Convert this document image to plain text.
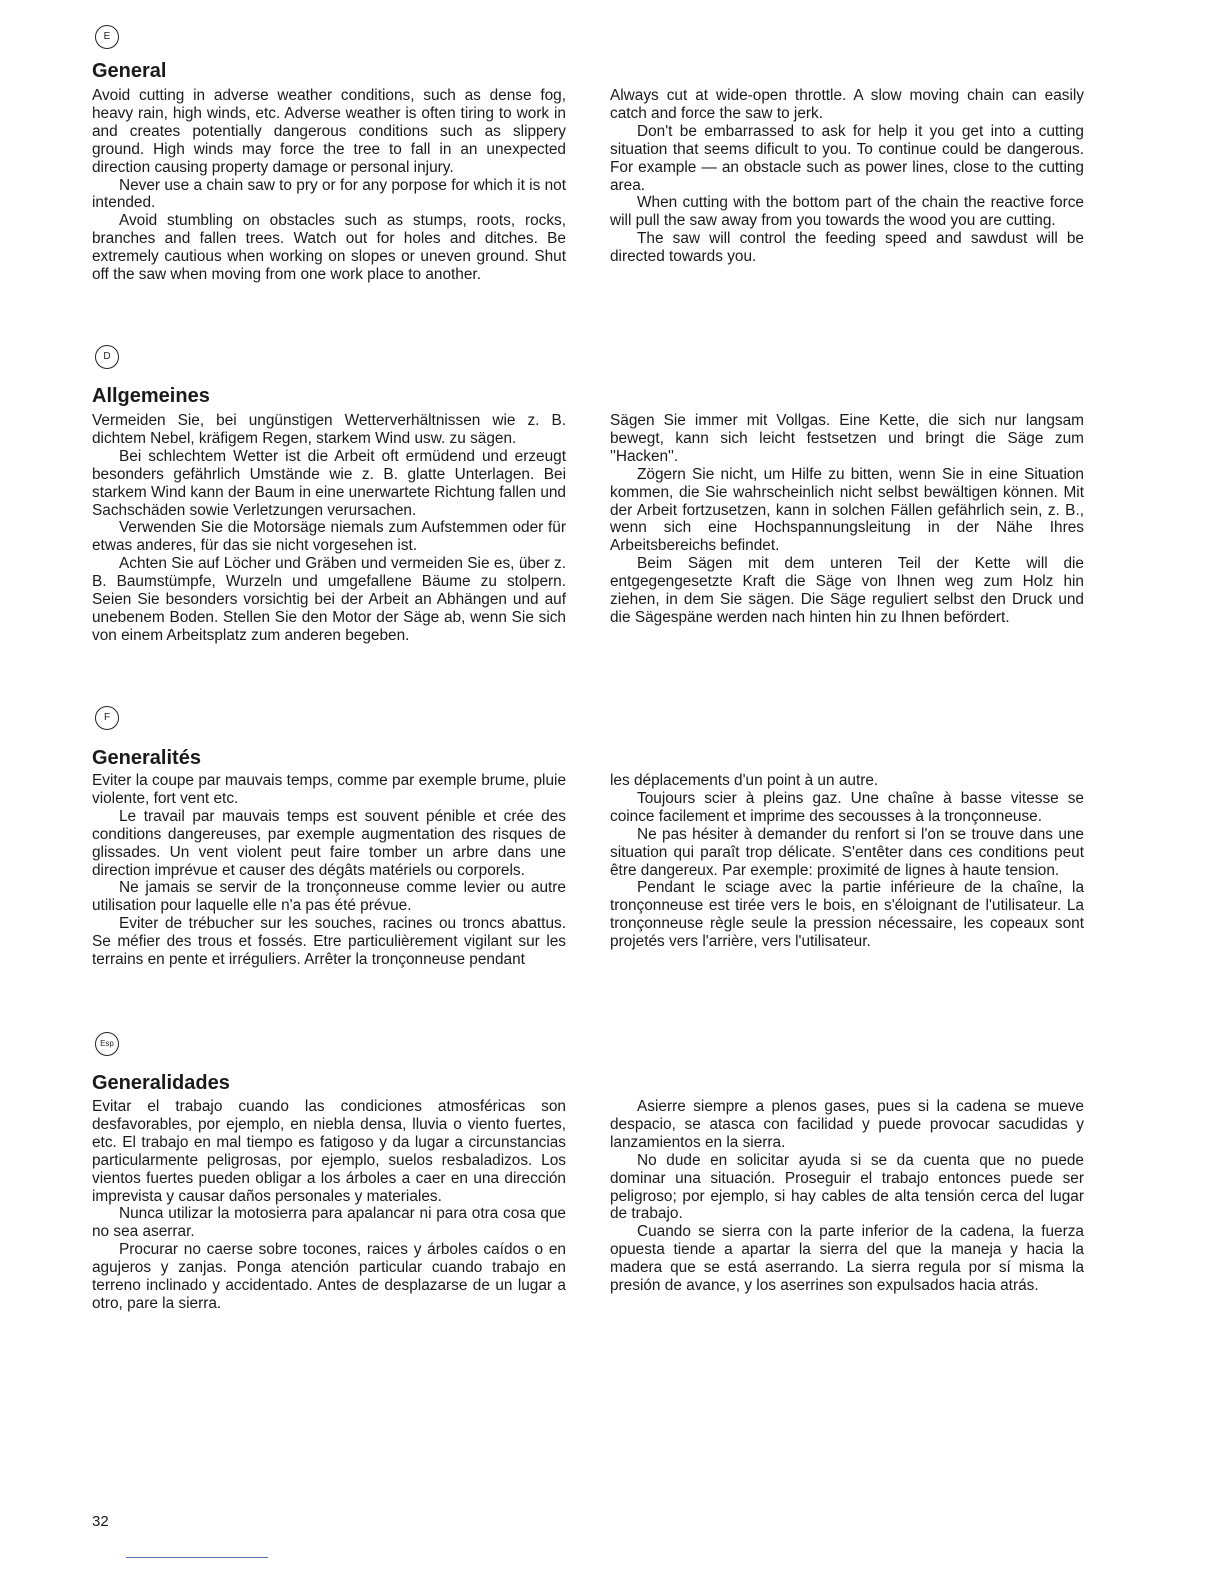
E
General

Avoid cutting in adverse weather conditions, such as dense fog, heavy rain, high winds, etc. Adverse weather is often tiring to work in and creates potentially dangerous conditions such as slippery ground. High winds may force the tree to fall in an unexpected direction causing property damage or personal injury.

Never use a chain saw to pry or for any porpose for which it is not intended.

Avoid stumbling on obstacles such as stumps, roots, rocks, branches and fallen trees. Watch out for holes and ditches. Be extremely cautious when working on slopes or uneven ground. Shut off the saw when moving from one work place to another.

Always cut at wide-open throttle. A slow moving chain can easily catch and force the saw to jerk.

Don't be embarrassed to ask for help it you get into a cutting situation that seems dificult to you. To continue could be dangerous. For example — an obstacle such as power lines, close to the cutting area.

When cutting with the bottom part of the chain the reactive force will pull the saw away from you towards the wood you are cutting.

The saw will control the feeding speed and sawdust will be directed towards you.

D
Allgemeines

Vermeiden Sie, bei ungünstigen Wetterverhältnissen wie z. B. dichtem Nebel, kräfigem Regen, starkem Wind usw. zu sägen.

Bei schlechtem Wetter ist die Arbeit oft ermüdend und erzeugt besonders gefährlich Umstände wie z. B. glatte Unterlagen. Bei starkem Wind kann der Baum in eine unerwartete Richtung fallen und Sachschäden sowie Verletzungen verursachen.

Verwenden Sie die Motorsäge niemals zum Aufstemmen oder für etwas anderes, für das sie nicht vorgesehen ist.

Achten Sie auf Löcher und Gräben und vermeiden Sie es, über z. B. Baumstümpfe, Wurzeln und umgefallene Bäume zu stolpern. Seien Sie besonders vorsichtig bei der Arbeit an Abhängen und auf unebenem Boden. Stellen Sie den Motor der Säge ab, wenn Sie sich von einem Arbeitsplatz zum anderen begeben.

Sägen Sie immer mit Vollgas. Eine Kette, die sich nur langsam bewegt, kann sich leicht festsetzen und bringt die Säge zum ''Hacken''.

Zögern Sie nicht, um Hilfe zu bitten, wenn Sie in eine Situation kommen, die Sie wahrscheinlich nicht selbst bewältigen können. Mit der Arbeit fortzusetzen, kann in solchen Fällen gefährlich sein, z. B., wenn sich eine Hochspannungsleitung in der Nähe Ihres Arbeitsbereichs befindet.

Beim Sägen mit dem unteren Teil der Kette will die entgegengesetzte Kraft die Säge von Ihnen weg zum Holz hin ziehen, in dem Sie sägen. Die Säge reguliert selbst den Druck und die Sägespäne werden nach hinten hin zu Ihnen befördert.

F
Generalités

Eviter la coupe par mauvais temps, comme par exemple brume, pluie violente, fort vent etc.

Le travail par mauvais temps est souvent pénible et crée des conditions dangereuses, par exemple augmentation des risques de glissades. Un vent violent peut faire tomber un arbre dans une direction imprévue et causer des dégâts matériels ou corporels.

Ne jamais se servir de la tronçonneuse comme levier ou autre utilisation pour laquelle elle n'a pas été prévue.

Eviter de trébucher sur les souches, racines ou troncs abattus. Se méfier des trous et fossés. Etre particulièrement vigilant sur les terrains en pente et irréguliers. Arrêter la tronçonneuse pendant

les déplacements d'un point à un autre.

Toujours scier à pleins gaz. Une chaîne à basse vitesse se coince facilement et imprime des secousses à la tronçonneuse.

Ne pas hésiter à demander du renfort si l'on se trouve dans une situation qui paraît trop délicate. S'entêter dans ces conditions peut être dangereux. Par exemple: proximité de lignes à haute tension.

Pendant le sciage avec la partie inférieure de la chaîne, la tronçonneuse est tirée vers le bois, en s'éloignant de l'utilisateur. La tronçonneuse règle seule la pression nécessaire, les copeaux sont projetés vers l'arrière, vers l'utilisateur.

Esp
Generalidades

Evitar el trabajo cuando las condiciones atmosféricas son desfavorables, por ejemplo, en niebla densa, lluvia o viento fuertes, etc. El trabajo en mal tiempo es fatigoso y da lugar a circunstancias particularmente peligrosas, por ejemplo, suelos resbaladizos. Los vientos fuertes pueden obligar a los árboles a caer en una dirección imprevista y causar daños personales y materiales.

Nunca utilizar la motosierra para apalancar ni para otra cosa que no sea aserrar.

Procurar no caerse sobre tocones, raices y árboles caídos o en agujeros y zanjas. Ponga atención particular cuando trabajo en terreno inclinado y accidentado. Antes de desplazarse de un lugar a otro, pare la sierra.

Asierre siempre a plenos gases, pues si la cadena se mueve despacio, se atasca con facilidad y puede provocar sacudidas y lanzamientos en la sierra.

No dude en solicitar ayuda si se da cuenta que no puede dominar una situación. Proseguir el trabajo entonces puede ser peligroso; por ejemplo, si hay cables de alta tensión cerca del lugar de trabajo.

Cuando se sierra con la parte inferior de la cadena, la fuerza opuesta tiende a apartar la sierra del que la maneja y hacia la madera que se está aserrando. La sierra regula por sí misma la presión de avance, y los aserrines son expulsados hacia atrás.

32
